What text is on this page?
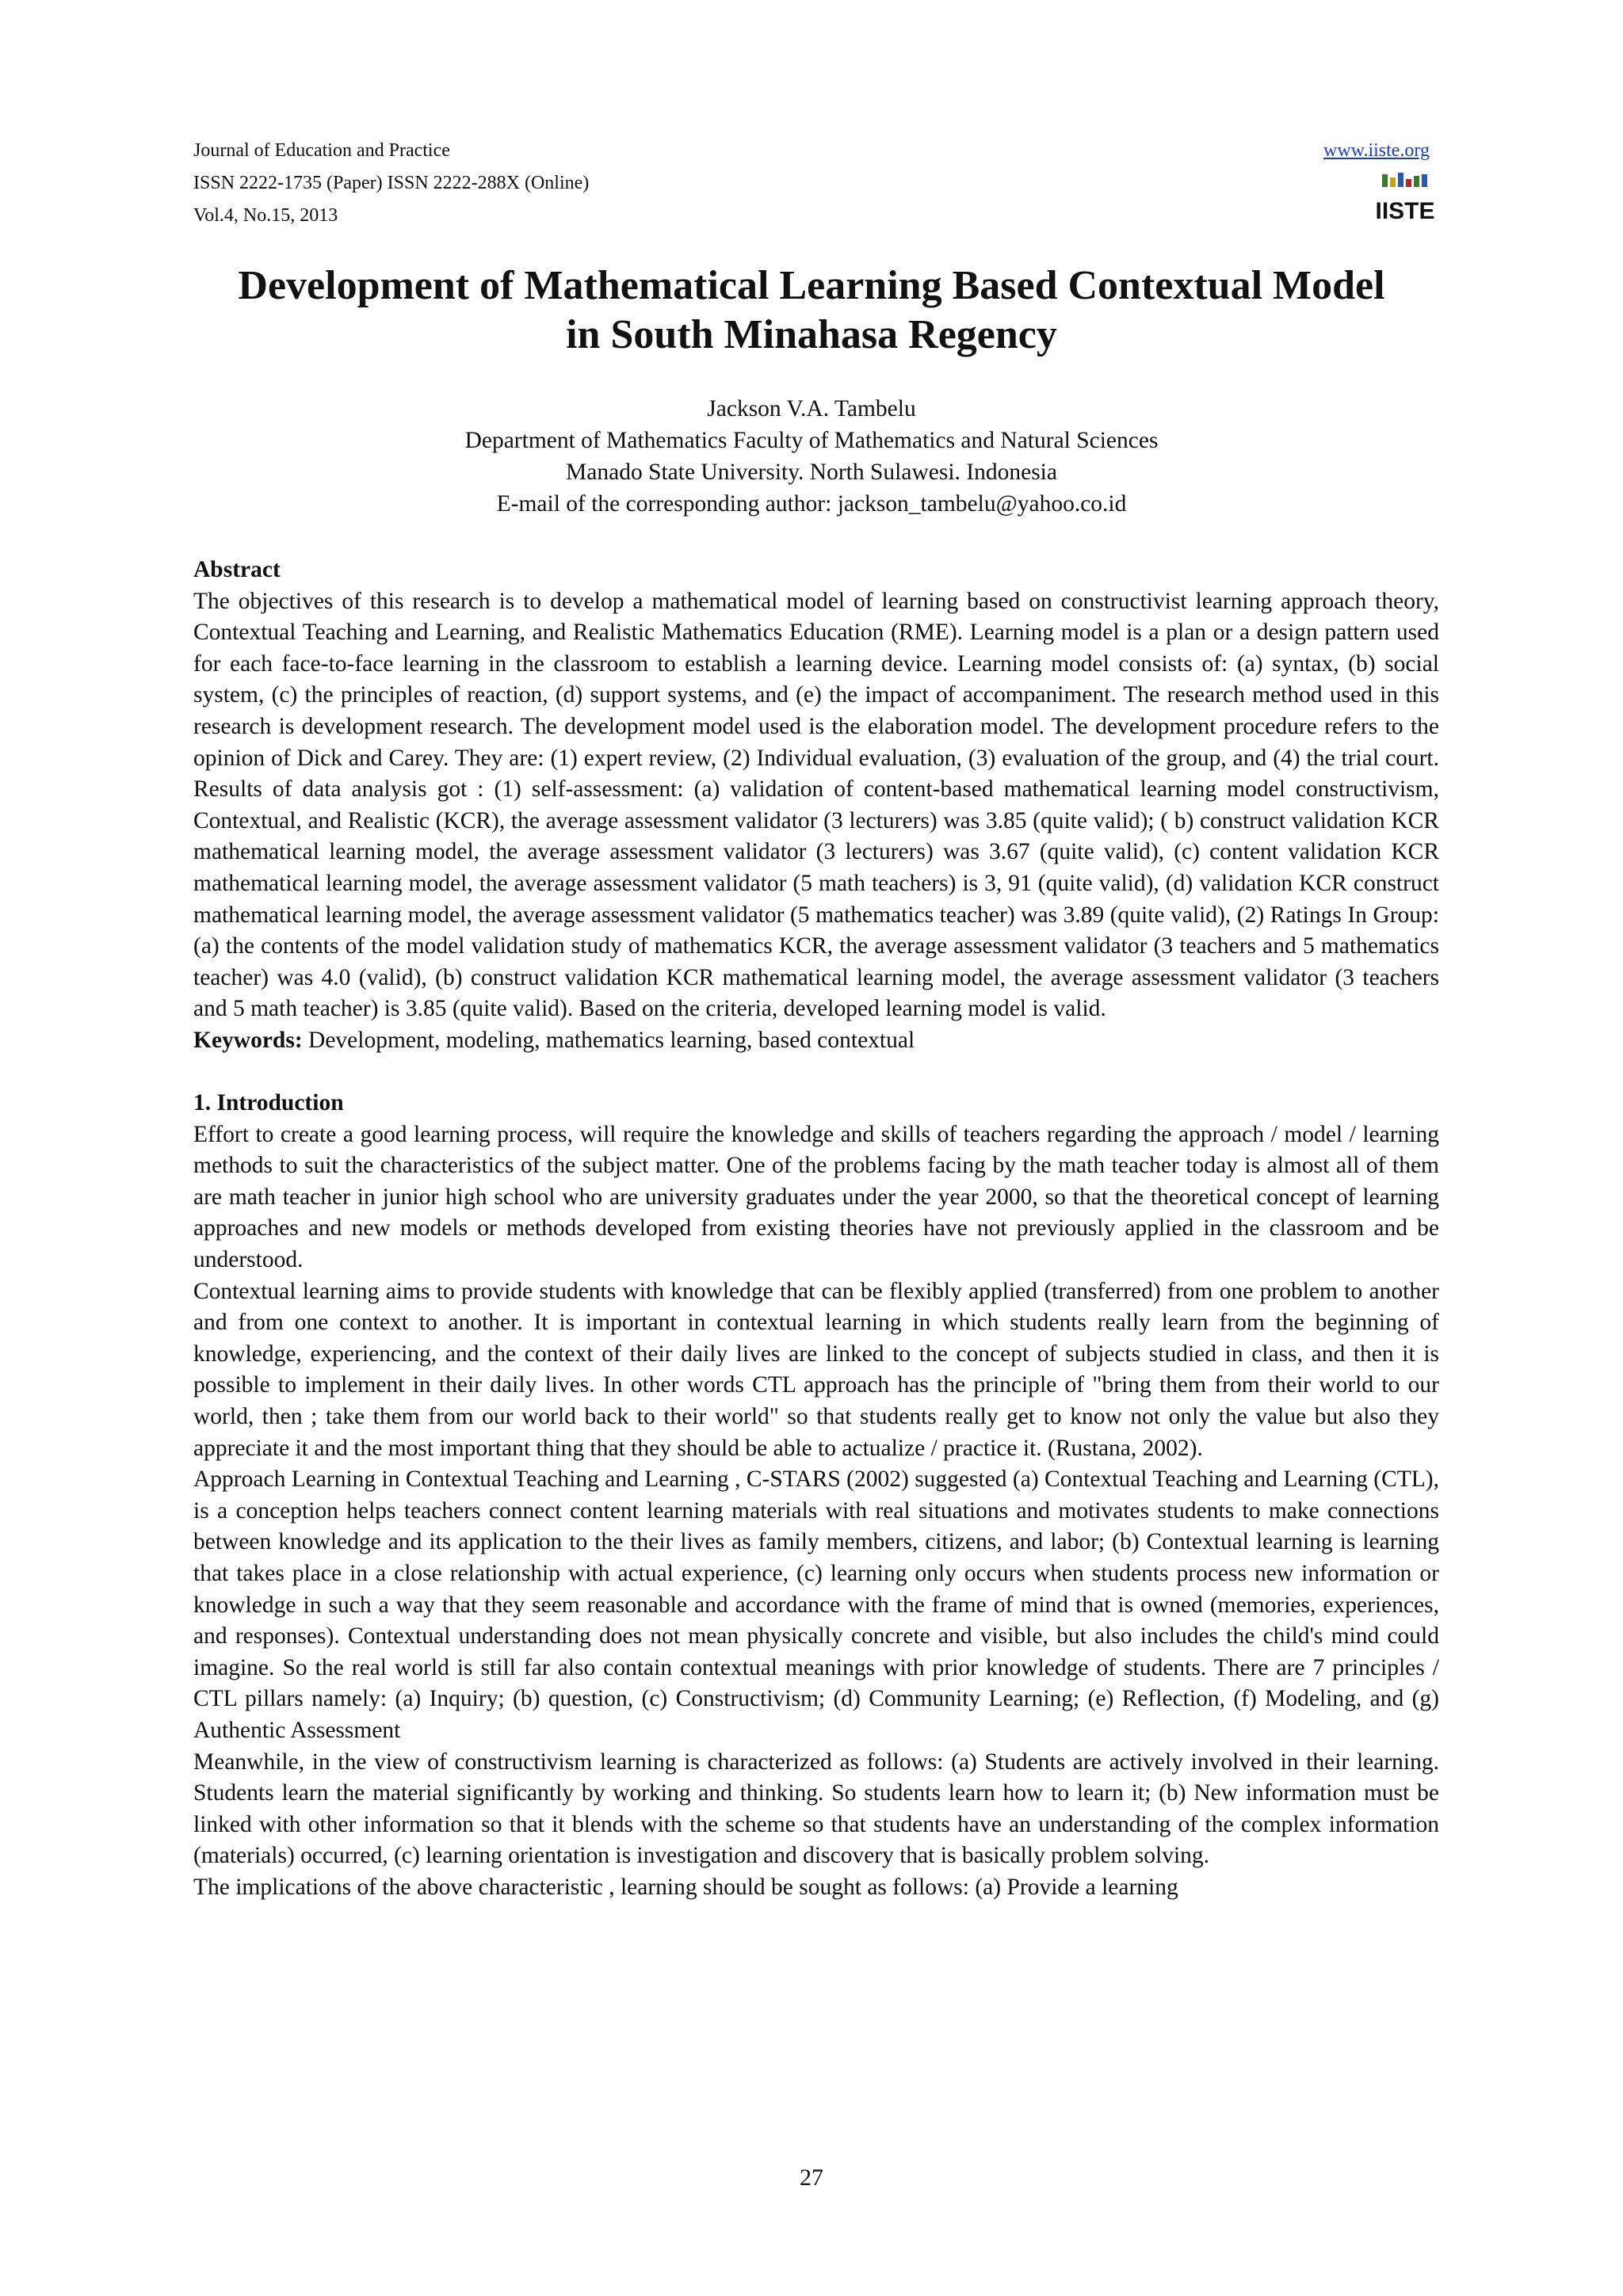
Journal of Education and Practice
ISSN 2222-1735 (Paper) ISSN 2222-288X (Online)
Vol.4, No.15, 2013
www.iiste.org
IISTE
Development of Mathematical Learning Based Contextual Model
in South Minahasa Regency
Jackson V.A. Tambelu
Department of Mathematics Faculty of Mathematics and Natural Sciences
Manado State University. North Sulawesi. Indonesia
E-mail of the corresponding author: jackson_tambelu@yahoo.co.id
Abstract

The objectives of this research is to develop a mathematical model of learning based on constructivist learning approach theory, Contextual Teaching and Learning, and Realistic Mathematics Education (RME). Learning model is a plan or a design pattern used for each face-to-face learning in the classroom to establish a learning device. Learning model consists of: (a) syntax, (b) social system, (c) the principles of reaction, (d) support systems, and (e) the impact of accompaniment. The research method used in this research is development research. The development model used is the elaboration model. The development procedure refers to the opinion of Dick and Carey. They are: (1) expert review, (2) Individual evaluation, (3) evaluation of the group, and (4) the trial court. Results of data analysis got : (1) self-assessment: (a) validation of content-based mathematical learning model constructivism, Contextual, and Realistic (KCR), the average assessment validator (3 lecturers) was 3.85 (quite valid); ( b) construct validation KCR mathematical learning model, the average assessment validator (3 lecturers) was 3.67 (quite valid), (c) content validation KCR mathematical learning model, the average assessment validator (5 math teachers) is 3, 91 (quite valid), (d) validation KCR construct mathematical learning model, the average assessment validator (5 mathematics teacher) was 3.89 (quite valid), (2) Ratings In Group: (a) the contents of the model validation study of mathematics KCR, the average assessment validator (3 teachers and 5 mathematics teacher) was 4.0 (valid), (b) construct validation KCR mathematical learning model, the average assessment validator (3 teachers and 5 math teacher) is 3.85 (quite valid). Based on the criteria, developed learning model is valid.

Keywords: Development, modeling, mathematics learning, based contextual
1. Introduction

Effort to create a good learning process, will require the knowledge and skills of teachers regarding the approach / model / learning methods to suit the characteristics of the subject matter. One of the problems facing by the math teacher today is almost all of them are math teacher in junior high school who are university graduates under the year 2000, so that the theoretical concept of learning approaches and new models or methods developed from existing theories have not previously applied in the classroom and be understood.

Contextual learning aims to provide students with knowledge that can be flexibly applied (transferred) from one problem to another and from one context to another. It is important in contextual learning in which students really learn from the beginning of knowledge, experiencing, and the context of their daily lives are linked to the concept of subjects studied in class, and then it is possible to implement in their daily lives. In other words CTL approach has the principle of "bring them from their world to our world, then ; take them from our world back to their world" so that students really get to know not only the value but also they appreciate it and the most important thing that they should be able to actualize / practice it. (Rustana, 2002).

Approach Learning in Contextual Teaching and Learning , C-STARS (2002) suggested (a) Contextual Teaching and Learning (CTL), is a conception helps teachers connect content learning materials with real situations and motivates students to make connections between knowledge and its application to the their lives as family members, citizens, and labor; (b) Contextual learning is learning that takes place in a close relationship with actual experience, (c) learning only occurs when students process new information or knowledge in such a way that they seem reasonable and accordance with the frame of mind that is owned (memories, experiences, and responses). Contextual understanding does not mean physically concrete and visible, but also includes the child's mind could imagine. So the real world is still far also contain contextual meanings with prior knowledge of students. There are 7 principles / CTL pillars namely: (a) Inquiry; (b) question, (c) Constructivism; (d) Community Learning; (e) Reflection, (f) Modeling, and (g) Authentic Assessment

Meanwhile, in the view of constructivism learning is characterized as follows: (a) Students are actively involved in their learning. Students learn the material significantly by working and thinking. So students learn how to learn it; (b) New information must be linked with other information so that it blends with the scheme so that students have an understanding of the complex information (materials) occurred, (c) learning orientation is investigation and discovery that is basically problem solving.

The implications of the above characteristic , learning should be sought as follows: (a) Provide a learning

27
